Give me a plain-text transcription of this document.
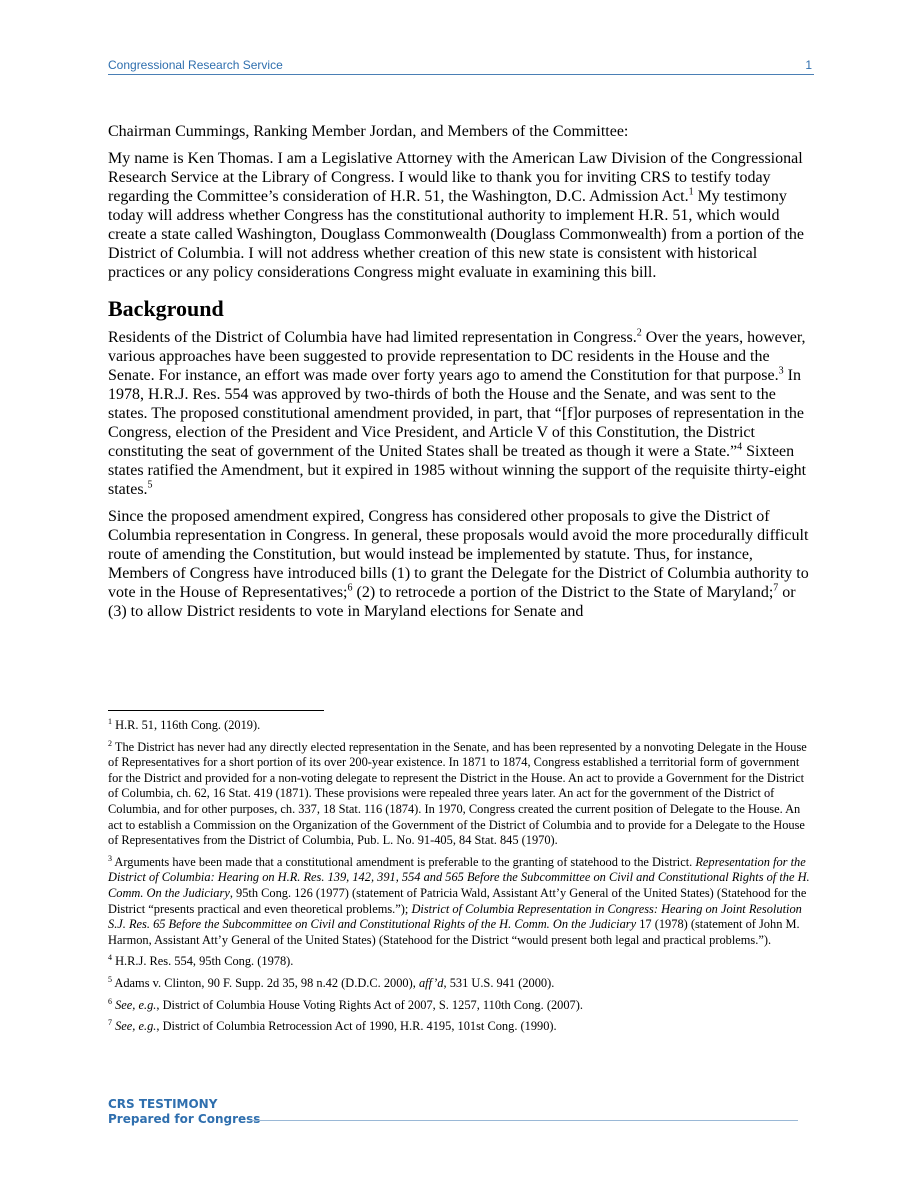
Congressional Research Service	1

Chairman Cummings, Ranking Member Jordan, and Members of the Committee:

My name is Ken Thomas. I am a Legislative Attorney with the American Law Division of the Congressional Research Service at the Library of Congress. I would like to thank you for inviting CRS to testify today regarding the Committee’s consideration of H.R. 51, the Washington, D.C. Admission Act.$^1$ My testimony today will address whether Congress has the constitutional authority to implement H.R. 51, which would create a state called Washington, Douglass Commonwealth (Douglass Commonwealth) from a portion of the District of Columbia. I will not address whether creation of this new state is consistent with historical practices or any policy considerations Congress might evaluate in examining this bill.

Background

Residents of the District of Columbia have had limited representation in Congress.$^2$ Over the years, however, various approaches have been suggested to provide representation to DC residents in the House and the Senate. For instance, an effort was made over forty years ago to amend the Constitution for that purpose.$^3$ In 1978, H.R.J. Res. 554 was approved by two-thirds of both the House and the Senate, and was sent to the states. The proposed constitutional amendment provided, in part, that “[f]or purposes of representation in the Congress, election of the President and Vice President, and Article V of this Constitution, the District constituting the seat of government of the United States shall be treated as though it were a State.”$^4$ Sixteen states ratified the Amendment, but it expired in 1985 without winning the support of the requisite thirty-eight states.$^5$

Since the proposed amendment expired, Congress has considered other proposals to give the District of Columbia representation in Congress. In general, these proposals would avoid the more procedurally difficult route of amending the Constitution, but would instead be implemented by statute. Thus, for instance, Members of Congress have introduced bills (1) to grant the Delegate for the District of Columbia authority to vote in the House of Representatives;$^6$ (2) to retrocede a portion of the District to the State of Maryland;$^7$ or (3) to allow District residents to vote in Maryland elections for Senate and

$^1$ H.R. 51, 116th Cong. (2019).

$^2$ The District has never had any directly elected representation in the Senate, and has been represented by a nonvoting Delegate in the House of Representatives for a short portion of its over 200-year existence. In 1871 to 1874, Congress established a territorial form of government for the District and provided for a non-voting delegate to represent the District in the House. An act to provide a Government for the District of Columbia, ch. 62, 16 Stat. 419 (1871). These provisions were repealed three years later. An act for the government of the District of Columbia, and for other purposes, ch. 337, 18 Stat. 116 (1874). In 1970, Congress created the current position of Delegate to the House. An act to establish a Commission on the Organization of the Government of the District of Columbia and to provide for a Delegate to the House of Representatives from the District of Columbia, Pub. L. No. 91-405, 84 Stat. 845 (1970).

$^3$ Arguments have been made that a constitutional amendment is preferable to the granting of statehood to the District. Representation for the District of Columbia: Hearing on H.R. Res. 139, 142, 391, 554 and 565 Before the Subcommittee on Civil and Constitutional Rights of the H. Comm. On the Judiciary, 95th Cong. 126 (1977) (statement of Patricia Wald, Assistant Att’y General of the United States) (Statehood for the District “presents practical and even theoretical problems.”); District of Columbia Representation in Congress: Hearing on Joint Resolution S.J. Res. 65 Before the Subcommittee on Civil and Constitutional Rights of the H. Comm. On the Judiciary 17 (1978) (statement of John M. Harmon, Assistant Att’y General of the United States) (Statehood for the District “would present both legal and practical problems.”).

$^4$ H.R.J. Res. 554, 95th Cong. (1978).

$^5$ Adams v. Clinton, 90 F. Supp. 2d 35, 98 n.42 (D.D.C. 2000), aff’d, 531 U.S. 941 (2000).

$^6$ See, e.g., District of Columbia House Voting Rights Act of 2007, S. 1257, 110th Cong. (2007).

$^7$ See, e.g., District of Columbia Retrocession Act of 1990, H.R. 4195, 101st Cong. (1990).

CRS TESTIMONY
Prepared for Congress
